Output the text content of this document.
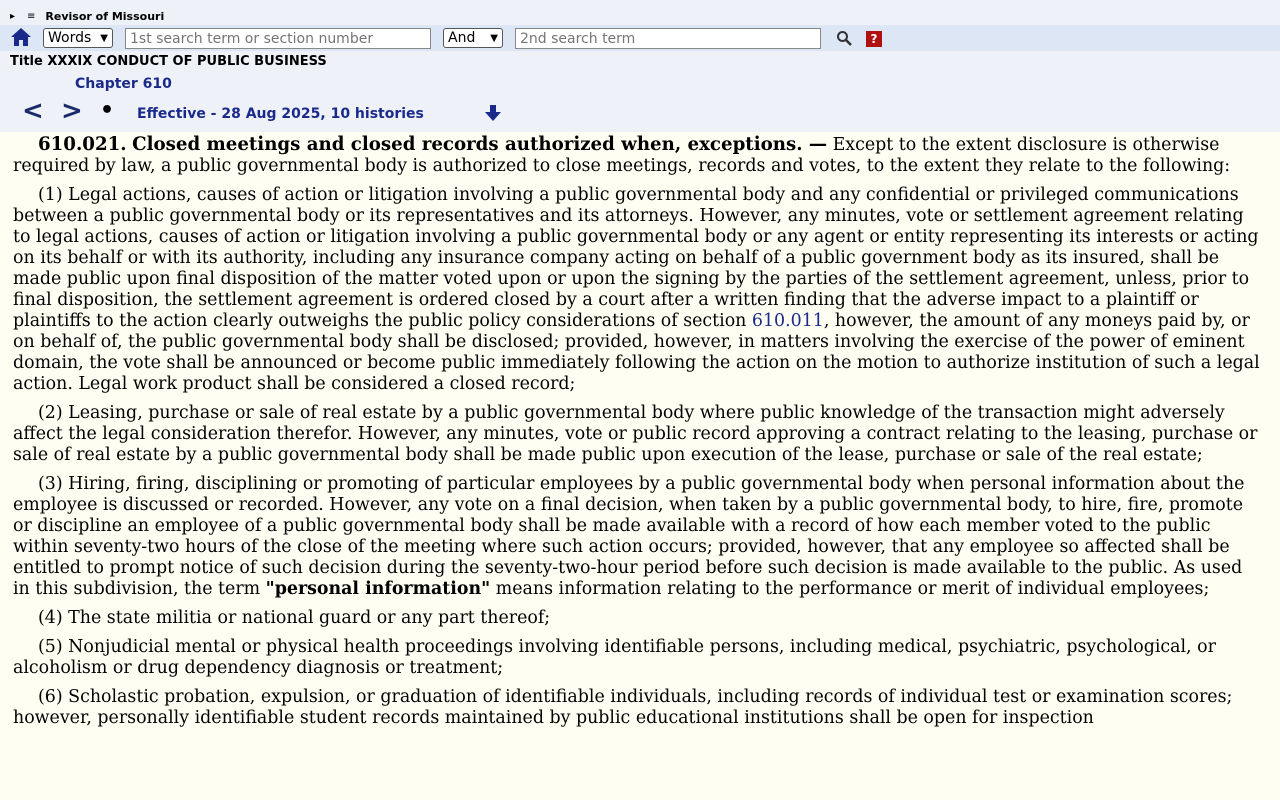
▸ ≡ Revisor of Missouri
Words ▼
1st search term or section number	And ▼
2nd search term	?
Title XXXIX CONDUCT OF PUBLIC BUSINESS
Chapter 610
< > • Effective - 28 Aug 2025, 10 histories

610.021. Closed meetings and closed records authorized when, exceptions. — Except to the extent disclosure is otherwise required by law, a public governmental body is authorized to close meetings, records and votes, to the extent they relate to the following:

(1) Legal actions, causes of action or litigation involving a public governmental body and any confidential or privileged communications between a public governmental body or its representatives and its attorneys. However, any minutes, vote or settlement agreement relating to legal actions, causes of action or litigation involving a public governmental body or any agent or entity representing its interests or acting on its behalf or with its authority, including any insurance company acting on behalf of a public government body as its insured, shall be made public upon final disposition of the matter voted upon or upon the signing by the parties of the settlement agreement, unless, prior to final disposition, the settlement agreement is ordered closed by a court after a written finding that the adverse impact to a plaintiff or plaintiffs to the action clearly outweighs the public policy considerations of section 610.011, however, the amount of any moneys paid by, or on behalf of, the public governmental body shall be disclosed; provided, however, in matters involving the exercise of the power of eminent domain, the vote shall be announced or become public immediately following the action on the motion to authorize institution of such a legal action. Legal work product shall be considered a closed record;

(2) Leasing, purchase or sale of real estate by a public governmental body where public knowledge of the transaction might adversely affect the legal consideration therefor. However, any minutes, vote or public record approving a contract relating to the leasing, purchase or sale of real estate by a public governmental body shall be made public upon execution of the lease, purchase or sale of the real estate;

(3) Hiring, firing, disciplining or promoting of particular employees by a public governmental body when personal information about the employee is discussed or recorded. However, any vote on a final decision, when taken by a public governmental body, to hire, fire, promote or discipline an employee of a public governmental body shall be made available with a record of how each member voted to the public within seventy-two hours of the close of the meeting where such action occurs; provided, however, that any employee so affected shall be entitled to prompt notice of such decision during the seventy-two-hour period before such decision is made available to the public. As used in this subdivision, the term "personal information" means information relating to the performance or merit of individual employees;

(4) The state militia or national guard or any part thereof;

(5) Nonjudicial mental or physical health proceedings involving identifiable persons, including medical, psychiatric, psychological, or alcoholism or drug dependency diagnosis or treatment;

(6) Scholastic probation, expulsion, or graduation of identifiable individuals, including records of individual test or examination scores; however, personally identifiable student records maintained by public educational institutions shall be open for inspection
